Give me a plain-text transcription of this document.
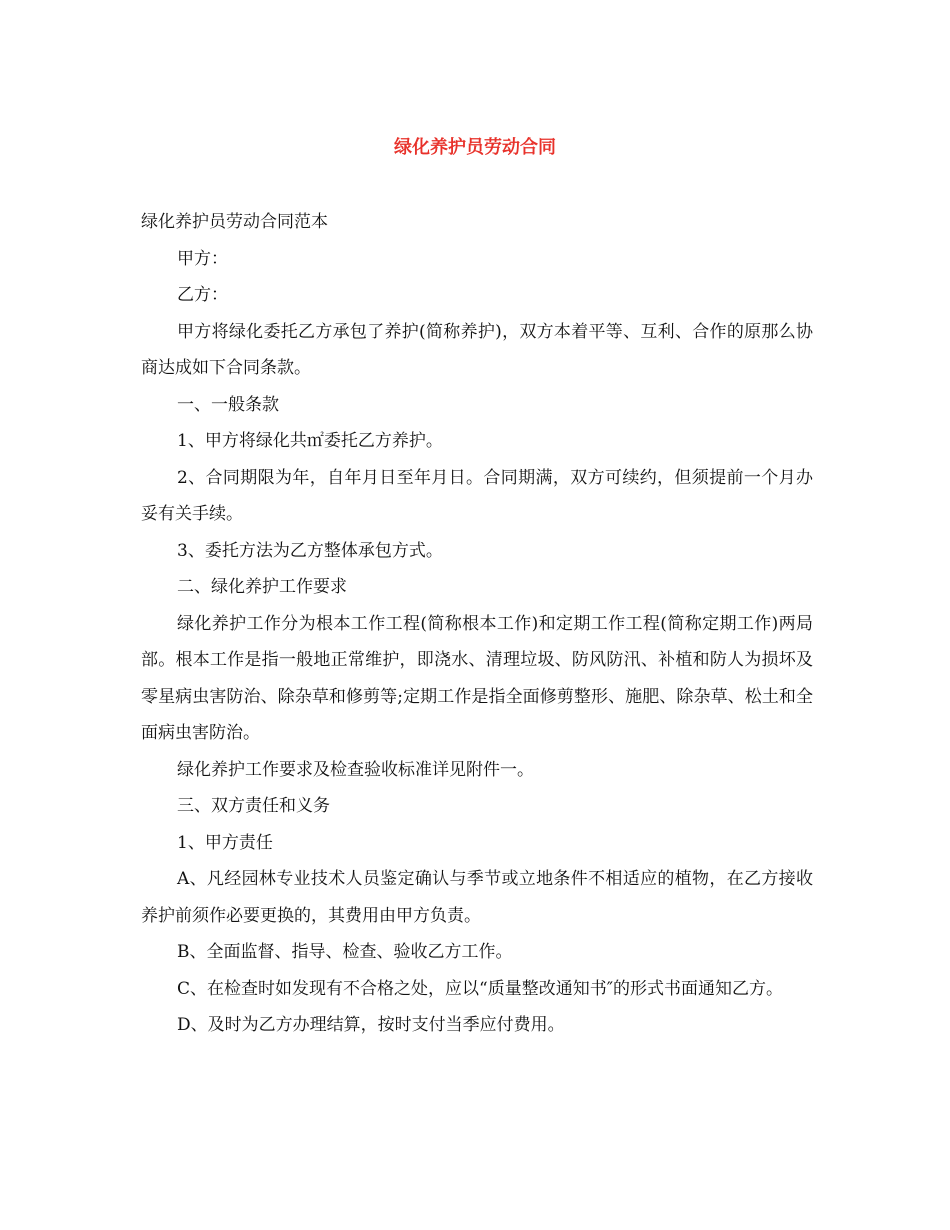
绿化养护员劳动合同

绿化养护员劳动合同范本

甲方：

乙方：

甲方将绿化委托乙方承包了养护(简称养护)，双方本着平等、互利、合作的原那么协商达成如下合同条款。

一、一般条款

1、甲方将绿化共㎡委托乙方养护。

2、合同期限为年，自年月日至年月日。合同期满，双方可续约，但须提前一个月办妥有关手续。

3、委托方法为乙方整体承包方式。

二、绿化养护工作要求

绿化养护工作分为根本工作工程(简称根本工作)和定期工作工程(简称定期工作)两局部。根本工作是指一般地正常维护，即浇水、清理垃圾、防风防汛、补植和防人为损坏及零星病虫害防治、除杂草和修剪等;定期工作是指全面修剪整形、施肥、除杂草、松土和全面病虫害防治。

绿化养护工作要求及检查验收标准详见附件一。

三、双方责任和义务

1、甲方责任

A、凡经园林专业技术人员鉴定确认与季节或立地条件不相适应的植物，在乙方接收养护前须作必要更换的，其费用由甲方负责。

B、全面监督、指导、检查、验收乙方工作。

C、在检查时如发现有不合格之处，应以“质量整改通知书″的形式书面通知乙方。

D、及时为乙方办理结算，按时支付当季应付费用。
